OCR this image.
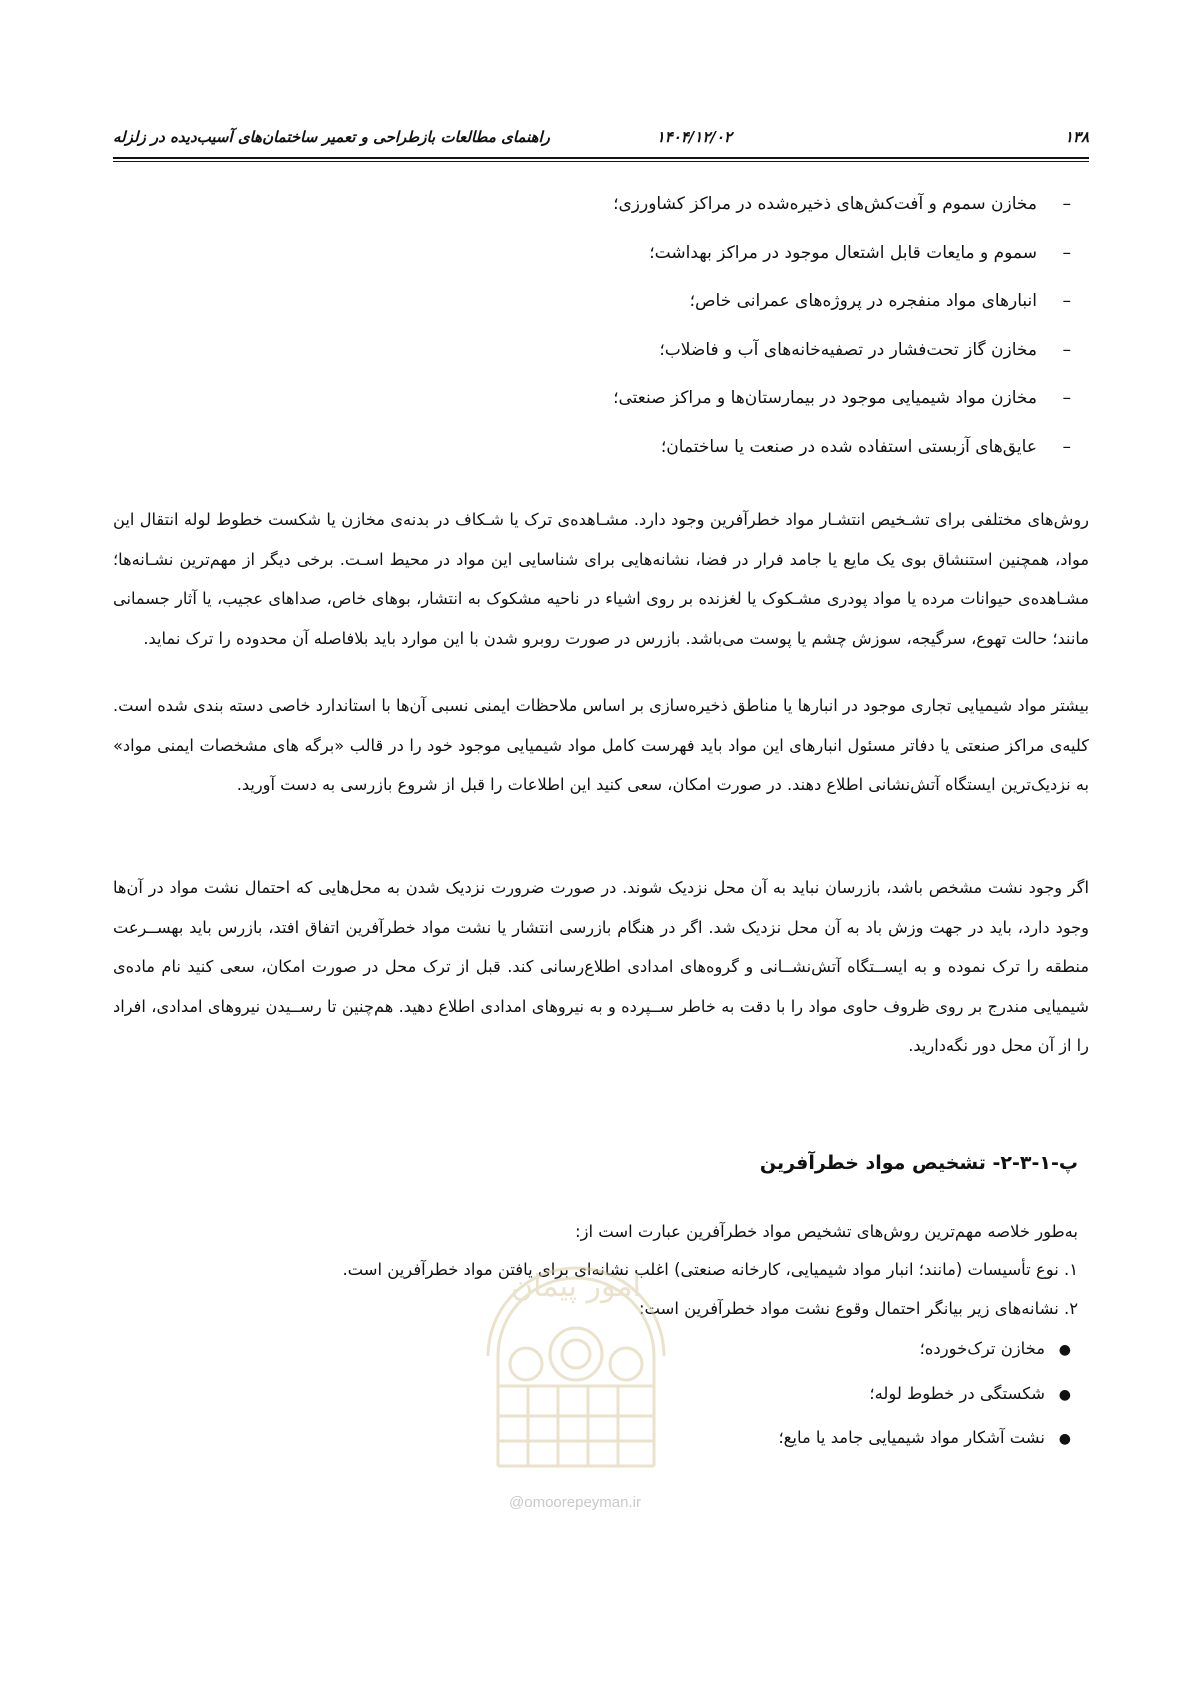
۱۳۸
۱۴۰۴/۱۲/۰۲
راهنمای مطالعات بازطراحی و تعمیر ساختمان‌های آسیب‌دیده در زلزله
–مخازن سموم و آفت‌کش‌های ذخیره‌شده در مراکز کشاورزی؛
–سموم و مایعات قابل اشتعال موجود در مراکز بهداشت؛
–انبارهای مواد منفجره در پروژه‌های عمرانی خاص؛
–مخازن گاز تحت‌فشار در تصفیه‌خانه‌های آب و فاضلاب؛
–مخازن مواد شیمیایی موجود در بیمارستان‌ها و مراکز صنعتی؛
–عایق‌های آزبستی استفاده شده در صنعت یا ساختمان؛

روش‌های مختلفی برای تشـخیص انتشـار مواد خطرآفرین وجود دارد. مشـاهده‌ی ترک یا شـکاف در بدنه‌ی مخازن یا شکست خطوط لوله انتقال این مواد، همچنین استنشاق بوی یک مایع یا جامد فرار در فضا، نشانه‌هایی برای شناسایی این مواد در محیط اسـت. برخی دیگر از مهم‌ترین نشـانه‌ها؛ مشـاهده‌ی حیوانات مرده یا مواد پودری مشـکوک یا لغزنده بر روی اشیاء در ناحیه مشکوک به انتشار، بوهای خاص، صداهای عجیب، یا آثار جسمانی مانند؛ حالت تهوع، سرگیجه، سوزش چشم یا پوست می‌باشد. بازرس در صورت روبرو شدن با این موارد باید بلافاصله آن محدوده را ترک نماید.

بیشتر مواد شیمیایی تجاری موجود در انبارها یا مناطق ذخیره‌سازی بر اساس ملاحظات ایمنی نسبی آن‌ها با استاندارد خاصی دسته بندی شده است. کلیه‌ی مراکز صنعتی یا دفاتر مسئول انبارهای این مواد باید فهرست کامل مواد شیمیایی موجود خود را در قالب «برگه های مشخصات ایمنی مواد» به نزدیک‌ترین ایستگاه آتش‌نشانی اطلاع دهند. در صورت امکان، سعی کنید این اطلاعات را قبل از شروع بازرسی به دست آورید.

اگر وجود نشت مشخص باشد، بازرسان نباید به آن محل نزدیک شوند. در صورت ضرورت نزدیک شدن به محل‌هایی که احتمال نشت مواد در آن‌ها وجود دارد، باید در جهت وزش باد به آن محل نزدیک شد. اگر در هنگام بازرسی انتشار یا نشت مواد خطرآفرین اتفاق افتد، بازرس باید بهســرعت منطقه را ترک نموده و به ایســتگاه آتش‌نشــانی و گروه‌های امدادی اطلاع‌رسانی کند. قبل از ترک محل در صورت امکان، سعی کنید نام ماده‌ی شیمیایی مندرج بر روی ظروف حاوی مواد را با دقت به خاطر ســپرده و به نیروهای امدادی اطلاع دهید. هم‌چنین تا رســیدن نیروهای امدادی، افراد را از آن محل دور نگه‌دارید.

پ-۱-۳-۲- تشخیص مواد خطرآفرین

به‌طور خلاصه مهم‌ترین روش‌های تشخیص مواد خطرآفرین عبارت است از:

۱. نوع تأسیسات (مانند؛ انبار مواد شیمیایی، کارخانه صنعتی) اغلب نشانه‌ای برای یافتن مواد خطرآفرین است.
۲. نشانه‌های زیر بیانگر احتمال وقوع نشت مواد خطرآفرین است:
●مخازن ترک‌خورده؛
●شکستگی در خطوط لوله؛
●نشت آشکار مواد شیمیایی جامد یا مایع؛
امور پیمان
@omoorepeyman.ir
